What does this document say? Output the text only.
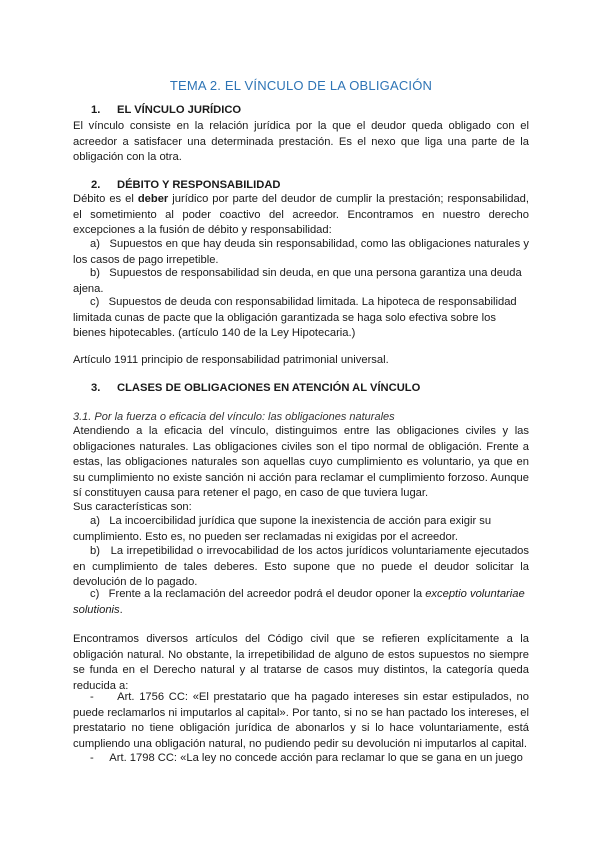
TEMA 2. EL VÍNCULO DE LA OBLIGACIÓN
1. EL VÍNCULO JURÍDICO

El vínculo consiste en la relación jurídica por la que el deudor queda obligado con el acreedor a satisfacer una determinada prestación. Es el nexo que liga una parte de la obligación con la otra.

2. DÉBITO Y RESPONSABILIDAD

Débito es el deber jurídico por parte del deudor de cumplir la prestación; responsabilidad, el sometimiento al poder coactivo del acreedor. Encontramos en nuestro derecho excepciones a la fusión de débito y responsabilidad:

a)   Supuestos en que hay deuda sin responsabilidad, como las obligaciones naturales y los casos de pago irrepetible.

b)   Supuestos de responsabilidad sin deuda, en que una persona garantiza una deuda ajena.

c)   Supuestos de deuda con responsabilidad limitada. La hipoteca de responsabilidad limitada cunas de pacte que la obligación garantizada se haga solo efectiva sobre los bienes hipotecables. (artículo 140 de la Ley Hipotecaria.)

Artículo 1911 principio de responsabilidad patrimonial universal.

3. CLASES DE OBLIGACIONES EN ATENCIÓN AL VÍNCULO
3.1. Por la fuerza o eficacia del vínculo: las obligaciones naturales

Atendiendo a la eficacia del vínculo, distinguimos entre las obligaciones civiles y las obligaciones naturales. Las obligaciones civiles son el tipo normal de obligación. Frente a estas, las obligaciones naturales son aquellas cuyo cumplimiento es voluntario, ya que en su cumplimiento no existe sanción ni acción para reclamar el cumplimiento forzoso. Aunque sí constituyen causa para retener el pago, en caso de que tuviera lugar.

Sus características son:

a)   La incoercibilidad jurídica que supone la inexistencia de acción para exigir su cumplimiento. Esto es, no pueden ser reclamadas ni exigidas por el acreedor.

b)   La irrepetibilidad o irrevocabilidad de los actos jurídicos voluntariamente ejecutados en cumplimiento de tales deberes. Esto supone que no puede el deudor solicitar la devolución de lo pagado.

c)   Frente a la reclamación del acreedor podrá el deudor oponer la exceptio voluntariae solutionis.

Encontramos diversos artículos del Código civil que se refieren explícitamente a la obligación natural. No obstante, la irrepetibilidad de alguno de estos supuestos no siempre se funda en el Derecho natural y al tratarse de casos muy distintos, la categoría queda reducida a:

-     Art. 1756 CC: «El prestatario que ha pagado intereses sin estar estipulados, no puede reclamarlos ni imputarlos al capital». Por tanto, si no se han pactado los intereses, el prestatario no tiene obligación jurídica de abonarlos y si lo hace voluntariamente, está cumpliendo una obligación natural, no pudiendo pedir su devolución ni imputarlos al capital.

-     Art. 1798 CC: «La ley no concede acción para reclamar lo que se gana en un juego
